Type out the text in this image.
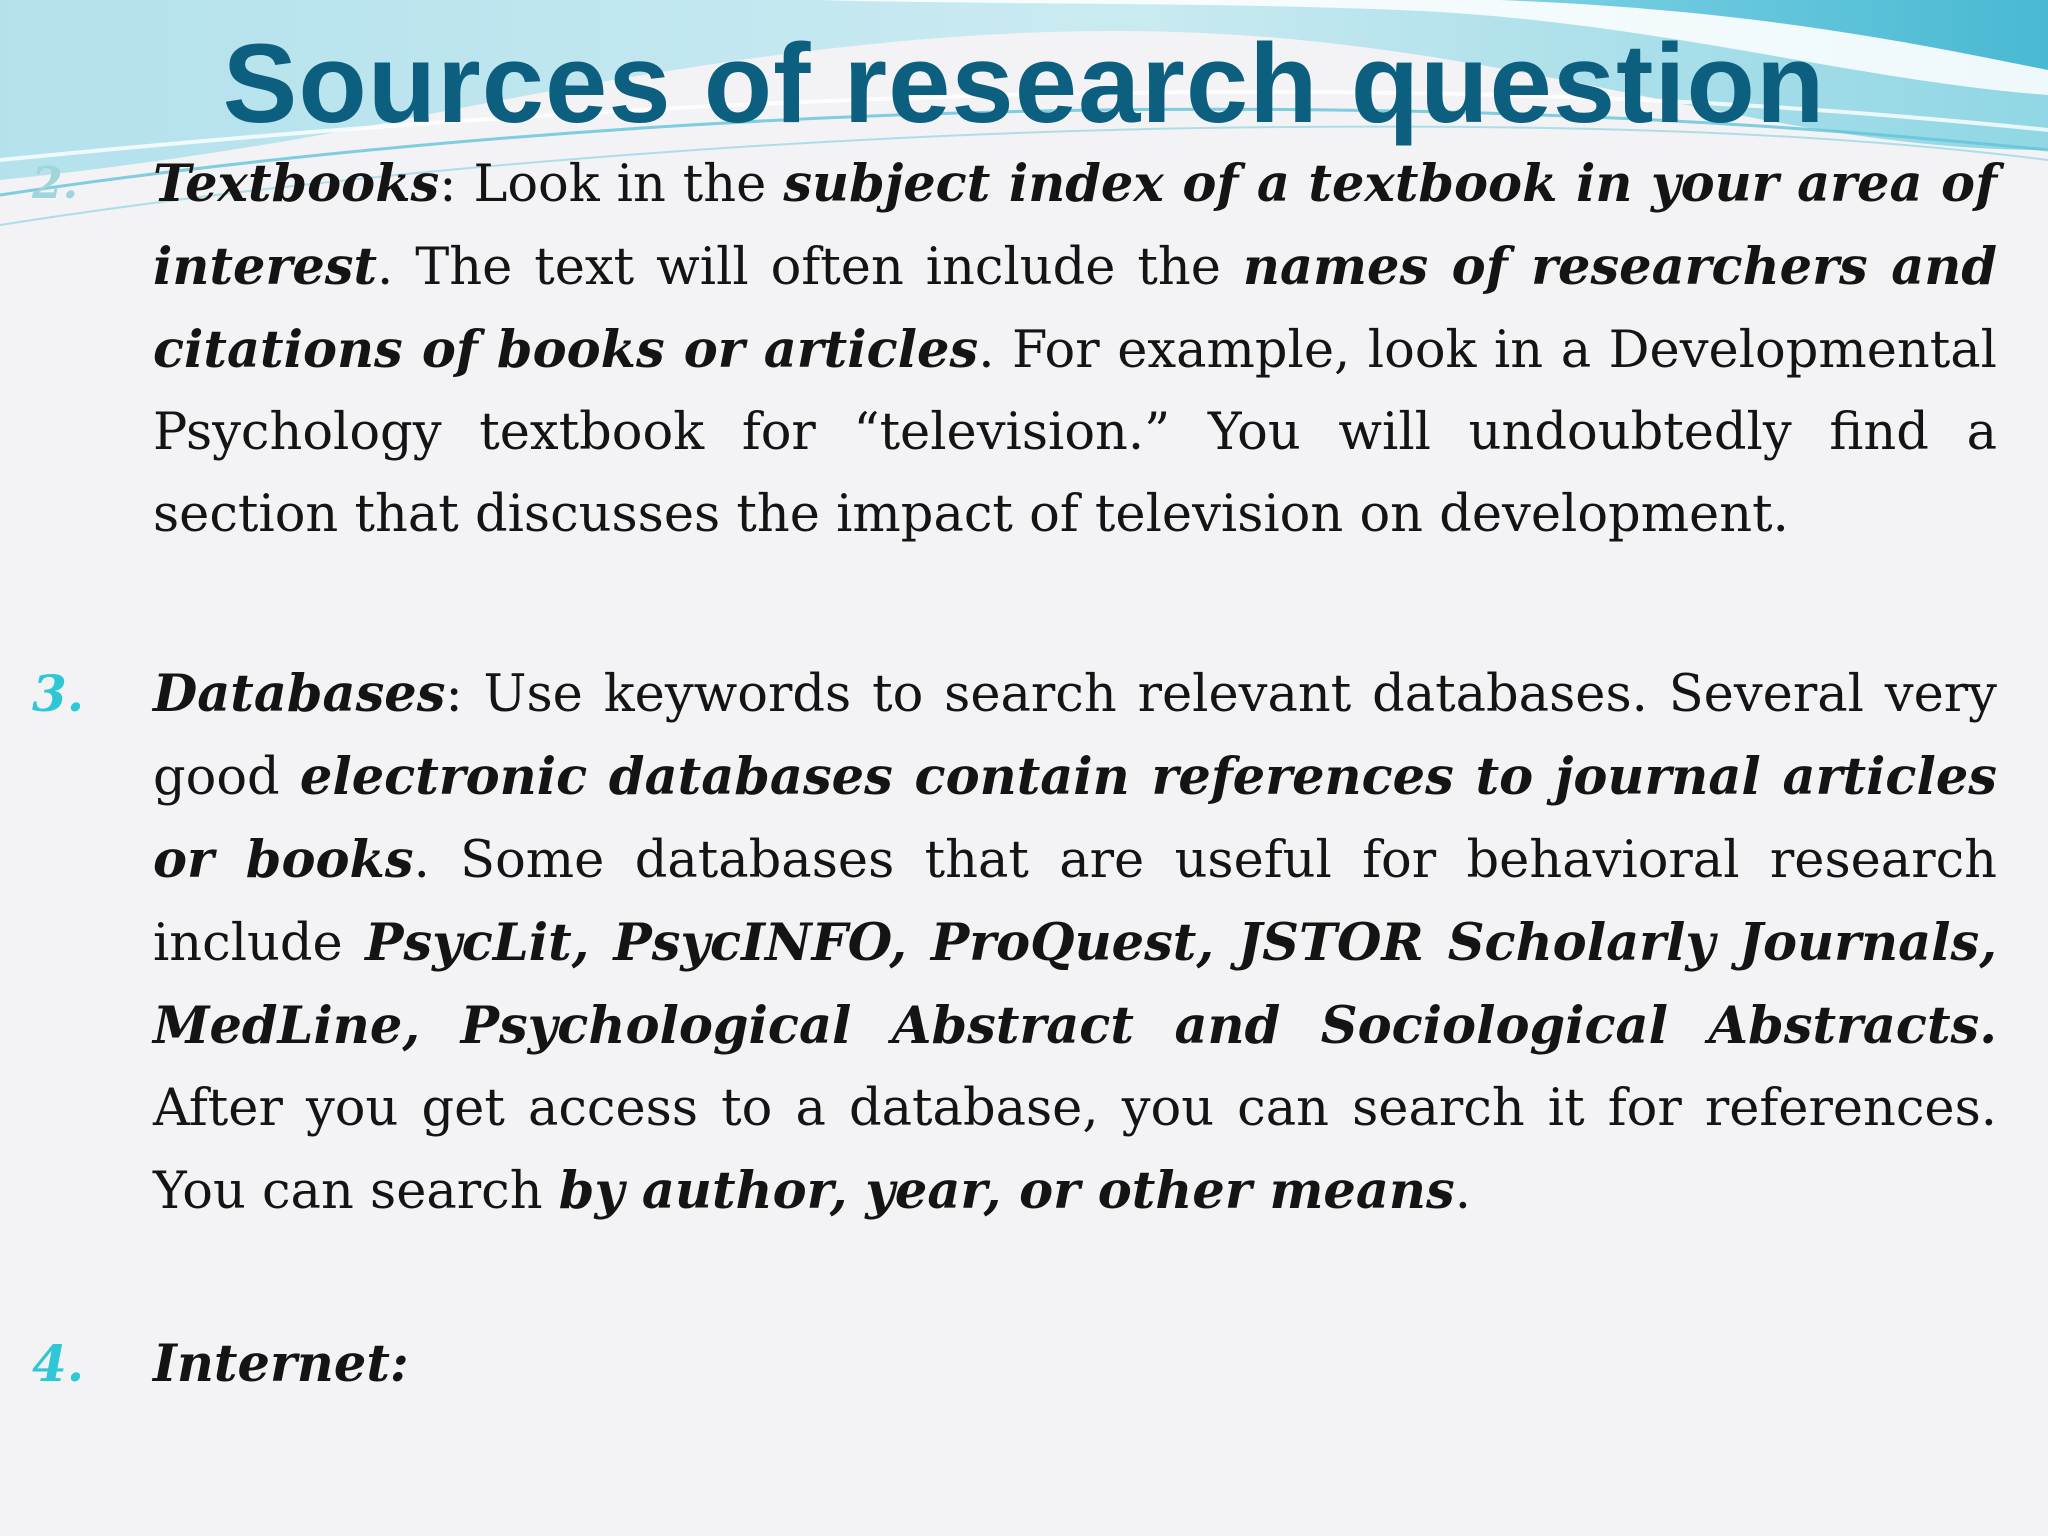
Sources of research question
2. Textbooks: Look in the subject index of a textbook in your area of interest. The text will often include the names of researchers and citations of books or articles. For example, look in a Developmental Psychology textbook for “television.” You will undoubtedly find a section that discusses the impact of television on development.
3. Databases: Use keywords to search relevant databases. Several very good electronic databases contain references to journal articles or books. Some databases that are useful for behavioral research include PsycLit, PsycINFO, ProQuest, JSTOR Scholarly Journals, MedLine, Psychological Abstract and Sociological Abstracts. After you get access to a database, you can search it for references. You can search by author, year, or other means.
4. Internet:
